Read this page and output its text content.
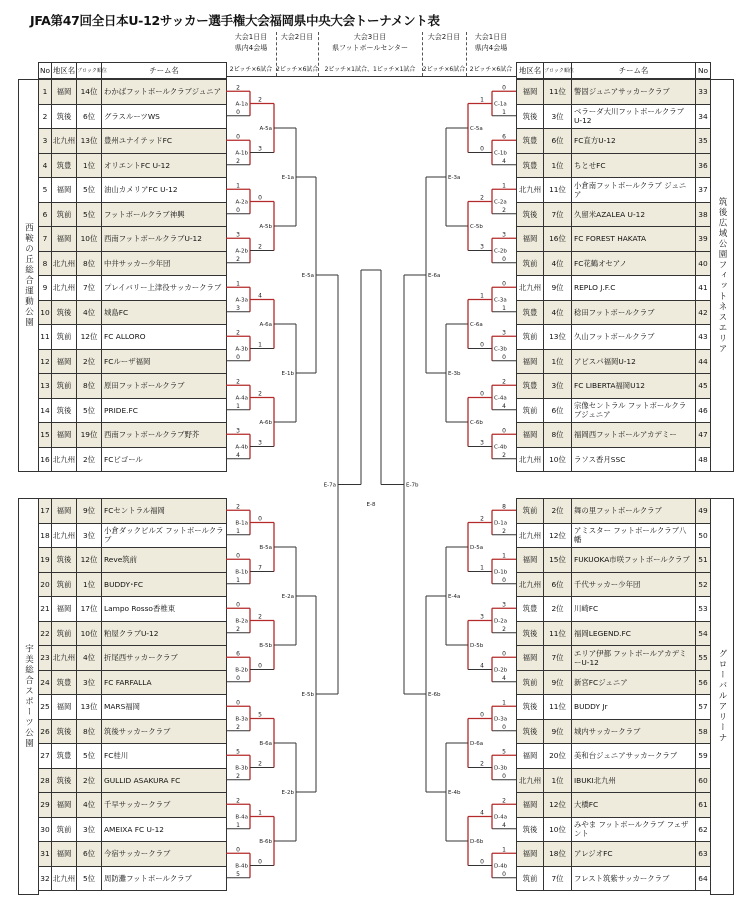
JFA第47回全日本U-12サッカー選手権大会福岡県中央大会トーナメント表
大会1日目
県内4会場
大会2日目	大会3日目
県フットボールセンター
大会2日目	大会1日目
県内4会場
2ピッチ×6試合 2ピッチ×6試合	2ピッチ×1試合、1ピッチ×1試合	2ピッチ×6試合 2ピッチ×6試合
No	地区名	ブロック順位	チーム名	地区名	ブロック順位	チーム名	No
西鞍の丘総合運動公園
宇美総合スポーツ公園
筑後広域公園フィットネスエリア
グローバルアリーナ
1	福岡	14位	わかばフットボールクラブジュニア
2	筑後	6位	グラスルーツWS
3	北九州	13位	豊州ユナイテッドFC
4	筑豊	1位	オリエントFC U-12
5	福岡	5位	油山カメリアFC U-12
6	筑前	5位	フットボールクラブ神興
7	福岡	10位	西南フットボールクラブU-12
8	北九州	8位	中井サッカー少年団
9	北九州	7位	プレイバリー上津役サッカークラブ
10	筑後	4位	城島FC
11	筑前	12位	FC ALLORO
12	福岡	2位	FCルーザ福岡
13	筑前	8位	原田フットボールクラブ
14	筑後	5位	PRIDE.FC
15	福岡	19位	西南フットボールクラブ野芥
16	北九州	2位	FCビゴール
17	福岡	9位	FCセントラル福岡
18	北九州	3位	小倉ダックビルズ フットボールクラブ
19	筑後	12位	Reve筑前
20	筑前	1位	BUDDY･FC
21	福岡	17位	Lampo Rosso香椎東
22	筑前	10位	粕屋クラブU-12
23	北九州	4位	折尾西サッカークラブ
24	筑豊	3位	FC FARFALLA
25	福岡	13位	MARS福岡
26	筑後	8位	筑後サッカークラブ
27	筑豊	5位	FC桂川
28	筑後	2位	GULLID ASAKURA FC
29	福岡	4位	千早サッカークラブ
30	筑前	3位	AMEIXA FC U-12
31	福岡	6位	今宿サッカークラブ
32	北九州	5位	周防灘フットボールクラブ
福岡	11位	警固ジュニアサッカークラブ	33
筑後	3位	ベラーダ大川フットボールクラブ U-12	34
筑豊	6位	FC直方U-12	35
筑豊	1位	ちとせFC	36
北九州	11位	小倉南フットボールクラブ ジュニア	37
筑後	7位	久留米AZALEA U-12	38
福岡	16位	FC FOREST HAKATA	39
筑前	4位	FC花鶴オセアノ	40
北九州	9位	REPLO J.F.C	41
筑豊	4位	稔田フットボールクラブ	42
筑前	13位	久山フットボールクラブ	43
福岡	1位	アビスパ福岡U-12	44
筑豊	3位	FC LIBERTA福岡U12	45
筑前	6位	宗像セントラル フットボールクラブジュニア	46
福岡	8位	福岡西フットボールアカデミー	47
北九州	10位	ラソス香月SSC	48
筑前	2位	舞の里フットボールクラブ	49
北九州	12位	アミスター フットボールクラブ八幡	50
福岡	15位	FUKUOKA市咲フットボールクラブ	51
北九州	6位	千代サッカー少年団	52
筑豊	2位	川崎FC	53
筑後	11位	福岡LEGEND.FC	54
福岡	7位	エリア伊都 フットボールアカデミーU-12	55
筑前	9位	新宮FCジュニア	56
筑後	11位	BUDDY Jr	57
筑後	9位	城内サッカークラブ	58
福岡	20位	美和台ジュニアサッカークラブ	59
北九州	1位	IBUKI北九州	60
福岡	12位	大橋FC	61
筑後	10位	みやま フットボールクラブ フェザント	62
福岡	18位	アレジオFC	63
筑前	7位	フレスト筑紫サッカークラブ	64
2
0
A-1a
0
2
A-1b
1
0
A-2a
3
2
A-2b
1
3
A-3a
2
0
A-3b
2
1
A-4a
3
4
A-4b
2
3
A-5a
0
2
A-5b
4
1
A-6a
2
3
A-6b
E-1a
E-1b
E-5a
2
1
B-1a
0
1
B-1b
0
2
B-2a
6
0
B-2b
0
2
B-3a
5
2
B-3b
2
1
B-4a
0
5
B-4b
0
7
B-5a
2
0
B-5b
5
2
B-6a
1
0
B-6b
E-2a
E-2b
E-5b
E-7a
0
1
C-1a
6
4
C-1b
1
2
C-2a
3
0
C-2b
0
1
C-3a
3
0
C-3b
2
4
C-4a
0
2
C-4b
1
0
C-5a
2
3
C-5b
1
0
C-6a
0
3
C-6b
E-3a
E-3b
E-6a
8
2
D-1a
1
0
D-1b
3
2
D-2a
0
4
D-2b
1
0
D-3a
5
0
D-3b
2
4
D-4a
1
0
D-4b
2
1
D-5a
3
4
D-5b
0
2
D-6a
4
0
D-6b
E-4a
E-4b
E-6b
E-7b
E-8
